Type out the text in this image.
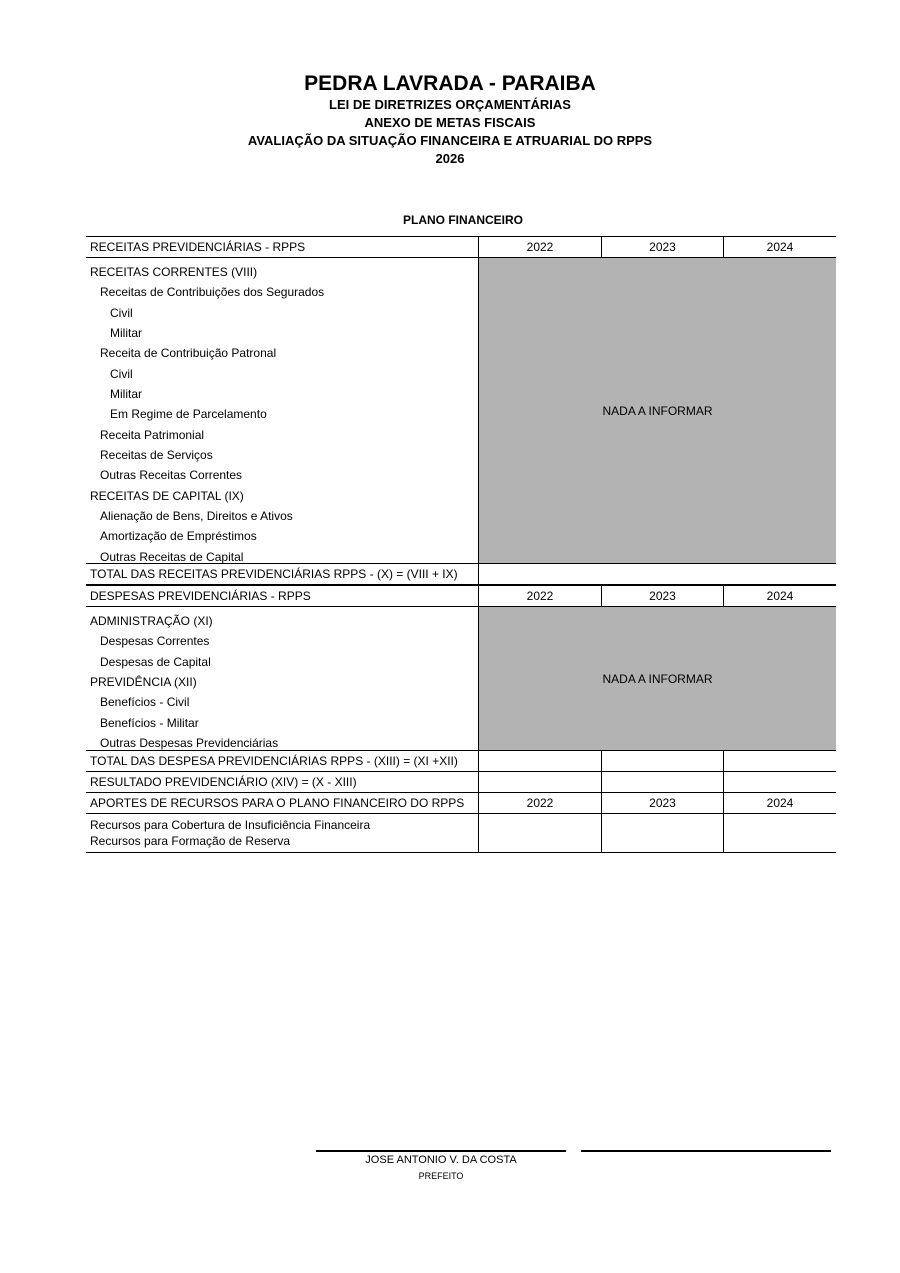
PEDRA LAVRADA - PARAIBA
LEI DE DIRETRIZES ORÇAMENTÁRIAS
ANEXO DE METAS FISCAIS
AVALIAÇÃO DA SITUAÇÃO FINANCEIRA E ATRUARIAL DO RPPS
2026
PLANO FINANCEIRO
RECEITAS PREVIDENCIÁRIAS - RPPS	2022	2023	2024
RECEITAS CORRENTES (VIII)
Receitas de Contribuições dos Segurados
Civil
Militar
Receita de Contribuição Patronal
Civil
Militar
Em Regime de Parcelamento
Receita Patrimonial
Receitas de Serviços
Outras Receitas Correntes
RECEITAS DE CAPITAL (IX)
Alienação de Bens, Direitos e Ativos
Amortização de Empréstimos
Outras Receitas de Capital
NADA A INFORMAR
TOTAL DAS RECEITAS PREVIDENCIÁRIAS RPPS - (X) = (VIII + IX)
DESPESAS PREVIDENCIÁRIAS - RPPS	2022	2023	2024
ADMINISTRAÇÃO (XI)
Despesas Correntes
Despesas de Capital
PREVIDÊNCIA (XII)
Benefícios - Civil
Benefícios - Militar
Outras Despesas Previdenciárias
NADA A INFORMAR
TOTAL DAS DESPESA PREVIDENCIÁRIAS RPPS - (XIII) = (XI +XII)
RESULTADO PREVIDENCIÁRIO (XIV) = (X - XIII)
APORTES DE RECURSOS PARA O PLANO FINANCEIRO DO RPPS	2022	2023	2024
Recursos para Cobertura de Insuficiência Financeira
Recursos para Formação de Reserva
JOSE ANTONIO V. DA COSTA
PREFEITO
